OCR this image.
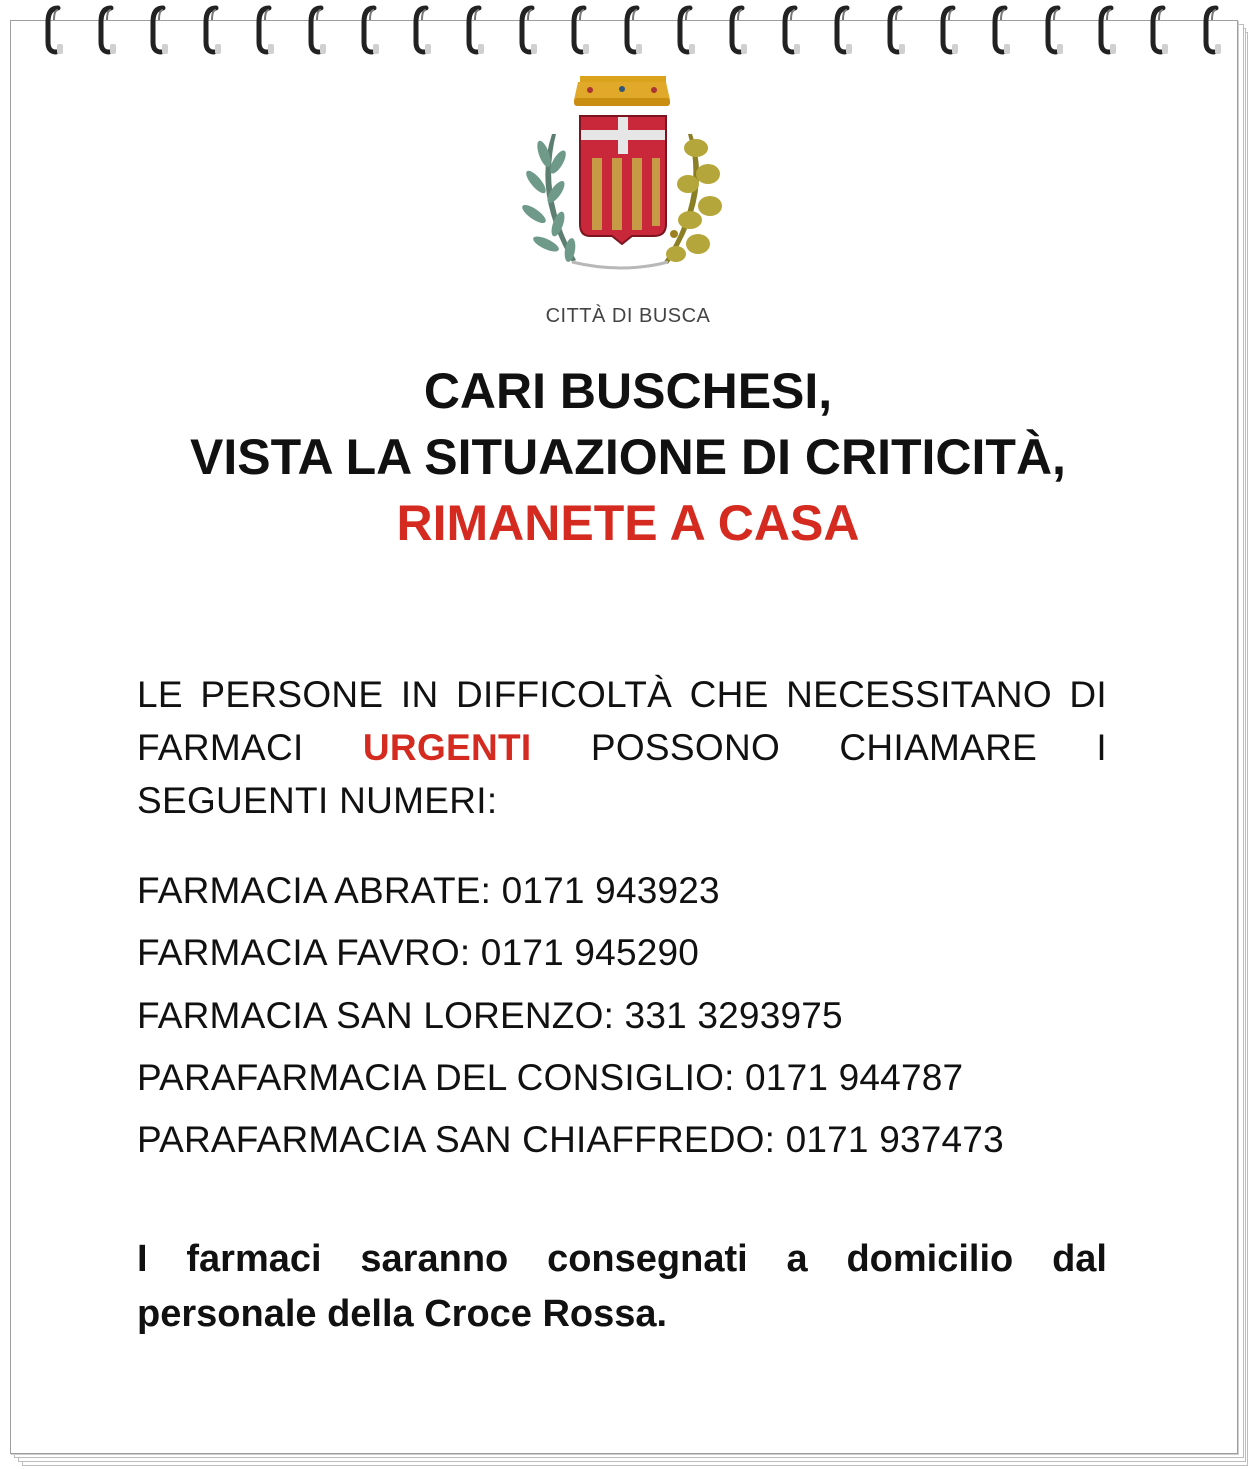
CITTÀ DI BUSCA
CARI BUSCHESI,
VISTA LA SITUAZIONE DI CRITICITÀ,
RIMANETE A CASA
LE PERSONE IN DIFFICOLTÀ CHE NECESSITANO DI FARMACI URGENTI POSSONO CHIAMARE I SEGUENTI NUMERI:
FARMACIA ABRATE: 0171 943923
FARMACIA FAVRO: 0171 945290
FARMACIA SAN LORENZO: 331 3293975
PARAFARMACIA DEL CONSIGLIO: 0171 944787
PARAFARMACIA SAN CHIAFFREDO: 0171 937473
I farmaci saranno consegnati a domicilio dal personale della Croce Rossa.
